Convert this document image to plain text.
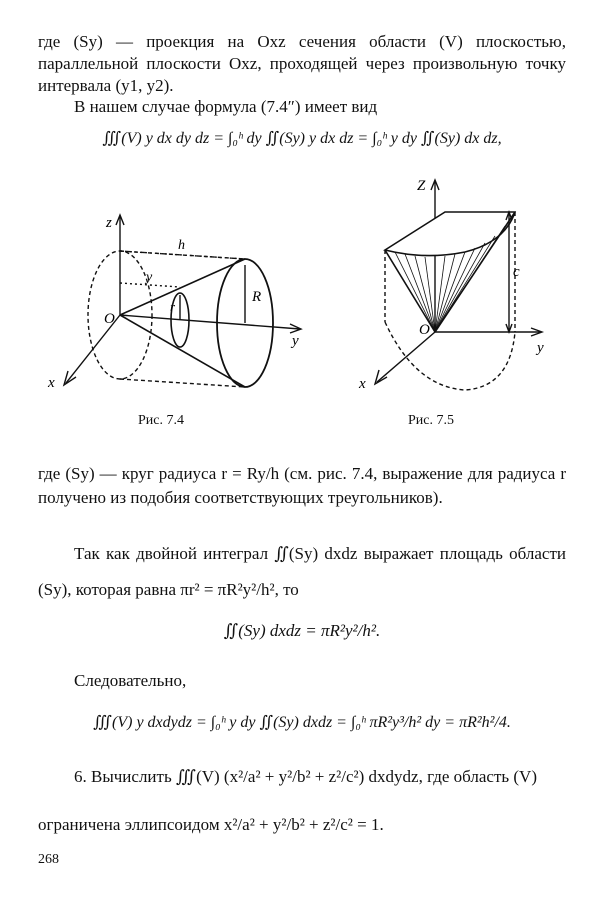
где (Sy) — проекция на Oxz сечения области (V) плоскостью, параллельной плоскости Oxz, проходящей через произвольную точку интервала (y1, y2).
В нашем случае формула (7.4″) имеет вид
∭(V) y dx dy dz = ∫₀ʰ dy ∬(Sy) y dx dz = ∫₀ʰ y dy ∬(Sy) dx dz,
z
h
y
R
r
O
y
x
Рис. 7.4
Z
c
O
y
x
Рис. 7.5
где (Sy) — круг радиуса r = Ry/h (см. рис. 7.4, выражение для радиуса r получено из подобия соответствующих треугольников).
Так как двойной интеграл ∬(Sy) dxdz выражает площадь области (Sy), которая равна πr² = πR²y²/h², то
∬(Sy) dxdz = πR²y²/h².
Следовательно,
∭(V) y dxdydz = ∫₀ʰ y dy ∬(Sy) dxdz = ∫₀ʰ πR²y³/h² dy = πR²h²/4.
6. Вычислить ∭(V) (x²/a² + y²/b² + z²/c²) dxdydz, где область (V)
ограничена эллипсоидом x²/a² + y²/b² + z²/c² = 1.
268
